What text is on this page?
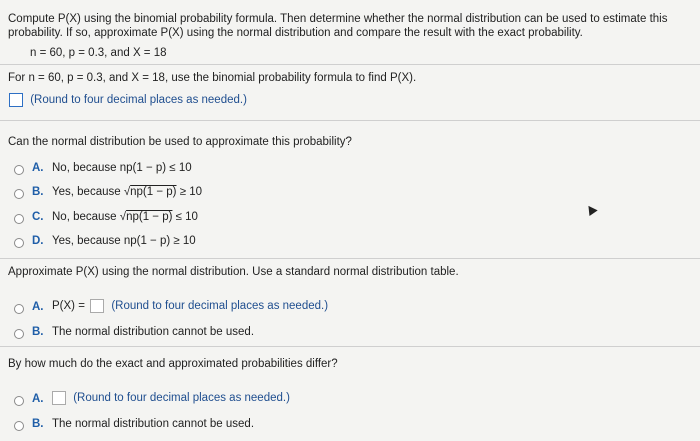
Compute P(X) using the binomial probability formula. Then determine whether the normal distribution can be used to estimate this
probability. If so, approximate P(X) using the normal distribution and compare the result with the exact probability.
n = 60, p = 0.3, and X = 18
For n = 60, p = 0.3, and X = 18, use the binomial probability formula to find P(X).
(Round to four decimal places as needed.)
Can the normal distribution be used to approximate this probability?
A. No, because np(1 − p) ≤ 10
B. Yes, because √np(1 − p) ≥ 10
C. No, because √np(1 − p) ≤ 10
D. Yes, because np(1 − p) ≥ 10
Approximate P(X) using the normal distribution. Use a standard normal distribution table.
A. P(X) = (Round to four decimal places as needed.)
B. The normal distribution cannot be used.
By how much do the exact and approximated probabilities differ?
A.	(Round to four decimal places as needed.)
B. The normal distribution cannot be used.
